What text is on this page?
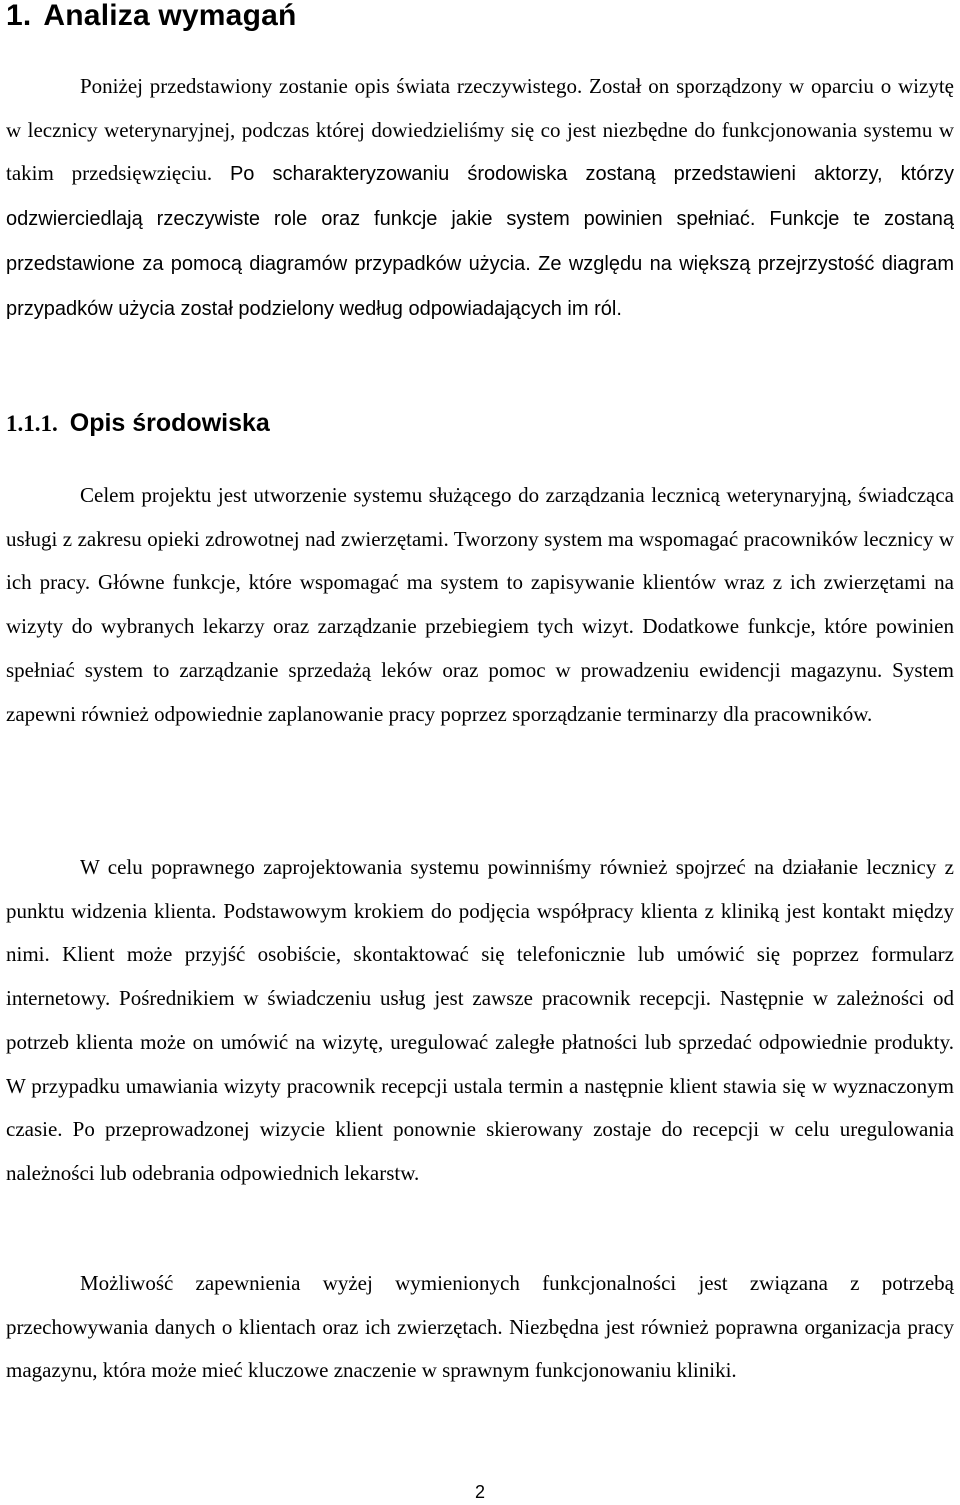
1. Analiza wymagań

Poniżej przedstawiony zostanie opis świata rzeczywistego. Został on sporządzony w oparciu o wizytę w lecznicy weterynaryjnej, podczas której dowiedzieliśmy się co jest niezbędne do funkcjonowania systemu w takim przedsięwzięciu. Po scharakteryzowaniu środowiska zostaną przedstawieni aktorzy, którzy odzwierciedlają rzeczywiste role oraz funkcje jakie system powinien spełniać. Funkcje te zostaną przedstawione za pomocą diagramów przypadków użycia. Ze względu na większą przejrzystość diagram przypadków użycia został podzielony według odpowiadających im ról.

1.1.1. Opis środowiska

Celem projektu jest utworzenie systemu służącego do zarządzania lecznicą weterynaryjną, świadcząca usługi z zakresu opieki zdrowotnej nad zwierzętami. Tworzony system ma wspomagać pracowników lecznicy w ich pracy. Główne funkcje, które wspomagać ma system to zapisywanie klientów wraz z ich zwierzętami na wizyty do wybranych lekarzy oraz zarządzanie przebiegiem tych wizyt. Dodatkowe funkcje, które powinien spełniać system to zarządzanie sprzedażą leków oraz pomoc w prowadzeniu ewidencji magazynu. System zapewni również odpowiednie zaplanowanie pracy poprzez sporządzanie terminarzy dla pracowników.

W celu poprawnego zaprojektowania systemu powinniśmy również spojrzeć na działanie lecznicy z punktu widzenia klienta. Podstawowym krokiem do podjęcia współpracy klienta z kliniką jest kontakt między nimi. Klient może przyjść osobiście, skontaktować się telefonicznie lub umówić się poprzez formularz internetowy. Pośrednikiem w świadczeniu usług jest zawsze pracownik recepcji. Następnie w zależności od potrzeb klienta może on umówić na wizytę, uregulować zaległe płatności lub sprzedać odpowiednie produkty. W przypadku umawiania wizyty pracownik recepcji ustala termin a następnie klient stawia się w wyznaczonym czasie. Po przeprowadzonej wizycie klient ponownie skierowany zostaje do recepcji w celu uregulowania należności lub odebrania odpowiednich lekarstw.

Możliwość zapewnienia wyżej wymienionych funkcjonalności jest związana z potrzebą przechowywania danych o klientach oraz ich zwierzętach. Niezbędna jest również poprawna organizacja pracy magazynu, która może mieć kluczowe znaczenie w sprawnym funkcjonowaniu kliniki.

2
